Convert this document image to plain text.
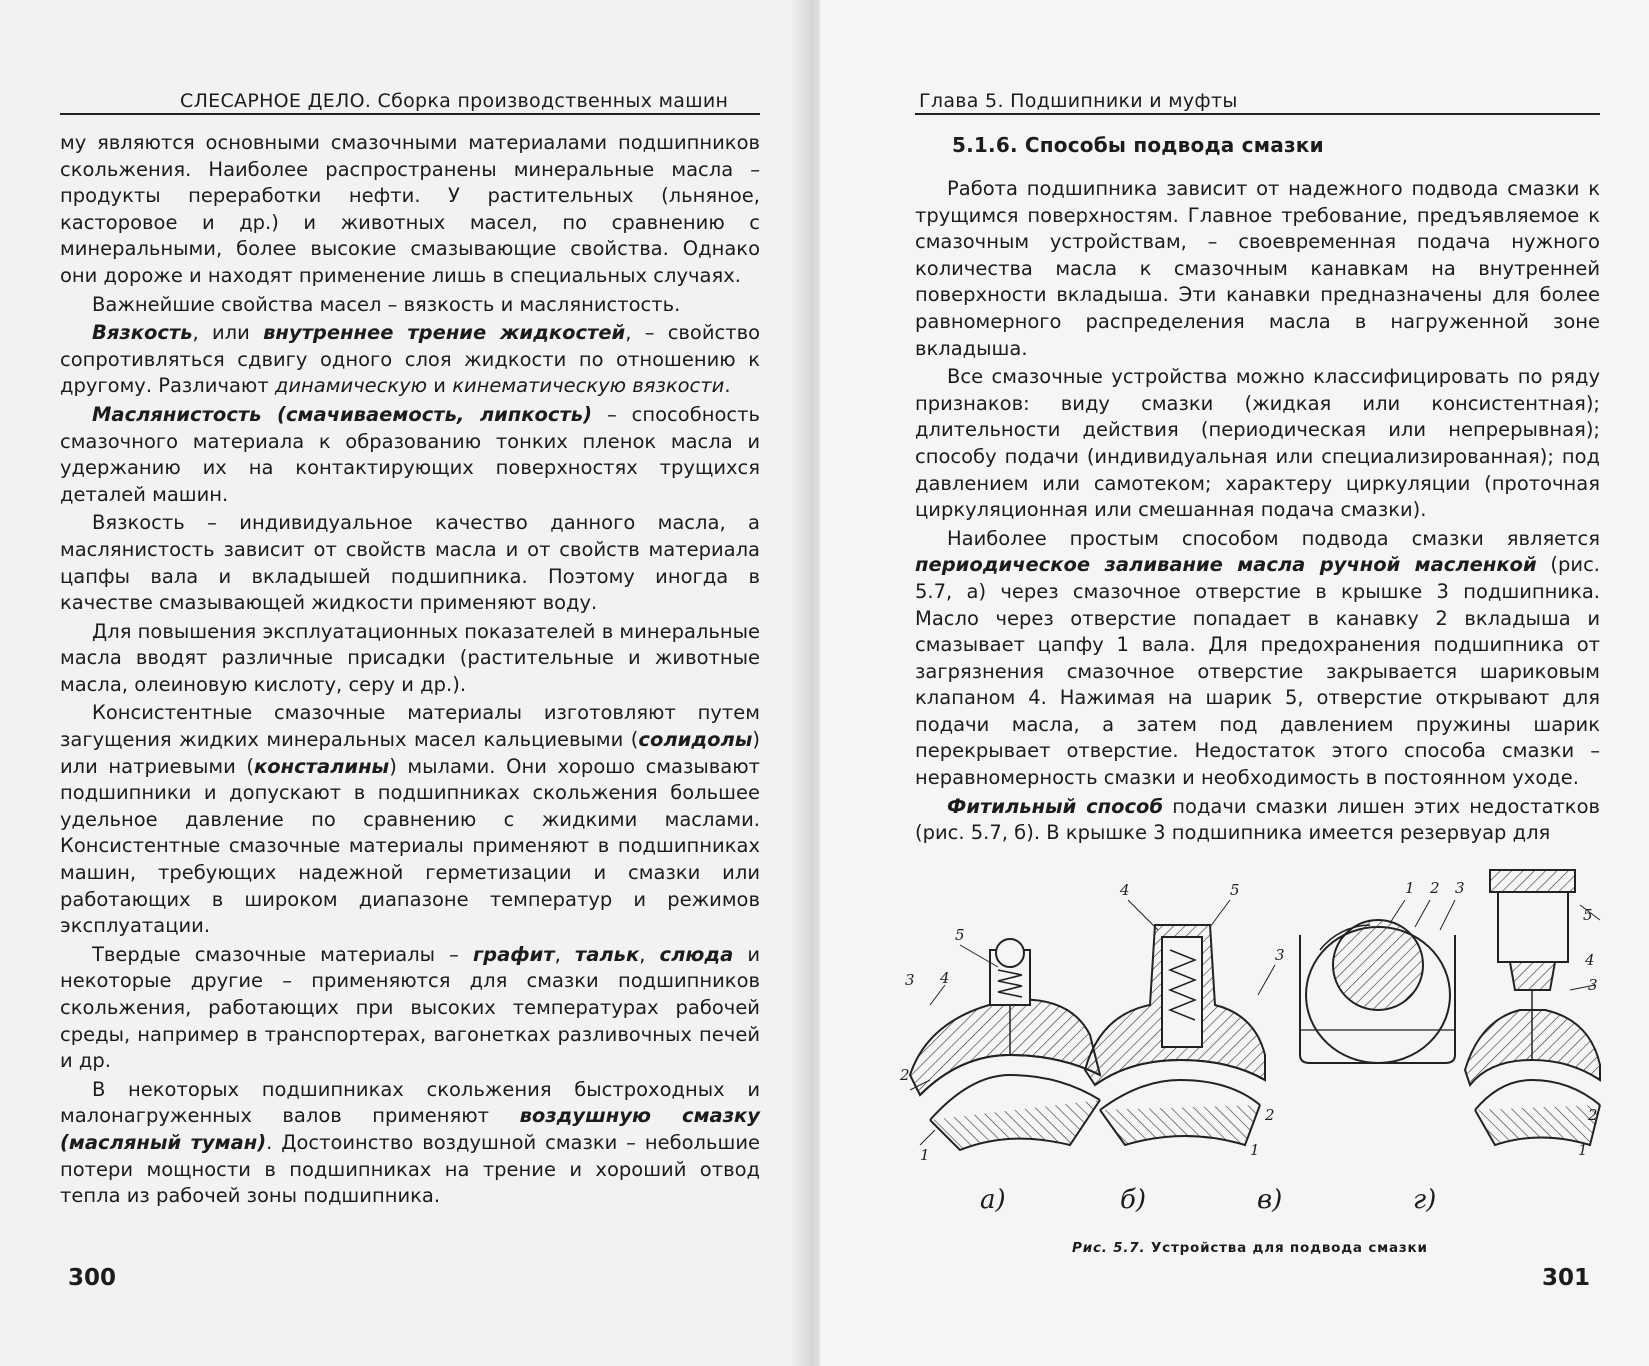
СЛЕСАРНОЕ ДЕЛО. Сборка производственных машин

му являются основными смазочными материалами подшипников скольжения. Наиболее распространены минеральные масла – продукты переработки нефти. У растительных (льняное, касторовое и др.) и животных масел, по сравнению с минеральными, более высокие смазывающие свойства. Однако они дороже и находят применение лишь в специальных случаях.

Важнейшие свойства масел – вязкость и маслянистость.

Вязкость, или внутреннее трение жидкостей, – свойство сопротивляться сдвигу одного слоя жидкости по отношению к другому. Различают динамическую и кинематическую вязкости.

Маслянистость (смачиваемость, липкость) – способность смазочного материала к образованию тонких пленок масла и удержанию их на контактирующих поверхностях трущихся деталей машин.

Вязкость – индивидуальное качество данного масла, а маслянистость зависит от свойств масла и от свойств материала цапфы вала и вкладышей подшипника. Поэтому иногда в качестве смазывающей жидкости применяют воду.

Для повышения эксплуатационных показателей в минеральные масла вводят различные присадки (растительные и животные масла, олеиновую кислоту, серу и др.).

Консистентные смазочные материалы изготовляют путем загущения жидких минеральных масел кальциевыми (солидолы) или натриевыми (консталины) мылами. Они хорошо смазывают подшипники и допускают в подшипниках скольжения большее удельное давление по сравнению с жидкими маслами. Консистентные смазочные материалы применяют в подшипниках машин, требующих надежной герметизации и смазки или работающих в широком диапазоне температур и режимов эксплуатации.

Твердые смазочные материалы – графит, тальк, слюда и некоторые другие – применяются для смазки подшипников скольжения, работающих при высоких температурах рабочей среды, например в транспортерах, вагонетках разливочных печей и др.

В некоторых подшипниках скольжения быстроходных и малонагруженных валов применяют воздушную смазку (масляный туман). Достоинство воздушной смазки – небольшие потери мощности в подшипниках на трение и хороший отвод тепла из рабочей зоны подшипника.

300
Глава 5. Подшипники и муфты
5.1.6. Способы подвода смазки

Работа подшипника зависит от надежного подвода смазки к трущимся поверхностям. Главное требование, предъявляемое к смазочным устройствам, – своевременная подача нужного количества масла к смазочным канавкам на внутренней поверхности вкладыша. Эти канавки предназначены для более равномерного распределения масла в нагруженной зоне вкладыша.

Все смазочные устройства можно классифицировать по ряду признаков: виду смазки (жидкая или консистентная); длительности действия (периодическая или непрерывная); способу подачи (индивидуальная или специализированная); под давлением или самотеком; характеру циркуляции (проточная циркуляционная или смешанная подача смазки).

Наиболее простым способом подвода смазки является периодическое заливание масла ручной масленкой (рис. 5.7, а) через смазочное отверстие в крышке 3 подшипника. Масло через отверстие попадает в канавку 2 вкладыша и смазывает цапфу 1 вала. Для предохранения подшипника от загрязнения смазочное отверстие закрывается шариковым клапаном 4. Нажимая на шарик 5, отверстие открывают для подачи масла, а затем под давлением пружины шарик перекрывает отверстие. Недостаток этого способа смазки – неравномерность смазки и необходимость в постоянном уходе.

Фитильный способ подачи смазки лишен этих недостатков (рис. 5.7, б). В крышке 3 подшипника имеется резервуар для

5
4
3
2
1
4	5
3
2
1
1 2 3
5
4
3
2
1
а)	б)	в)	г)
Рис. 5.7. Устройства для подвода смазки
301
